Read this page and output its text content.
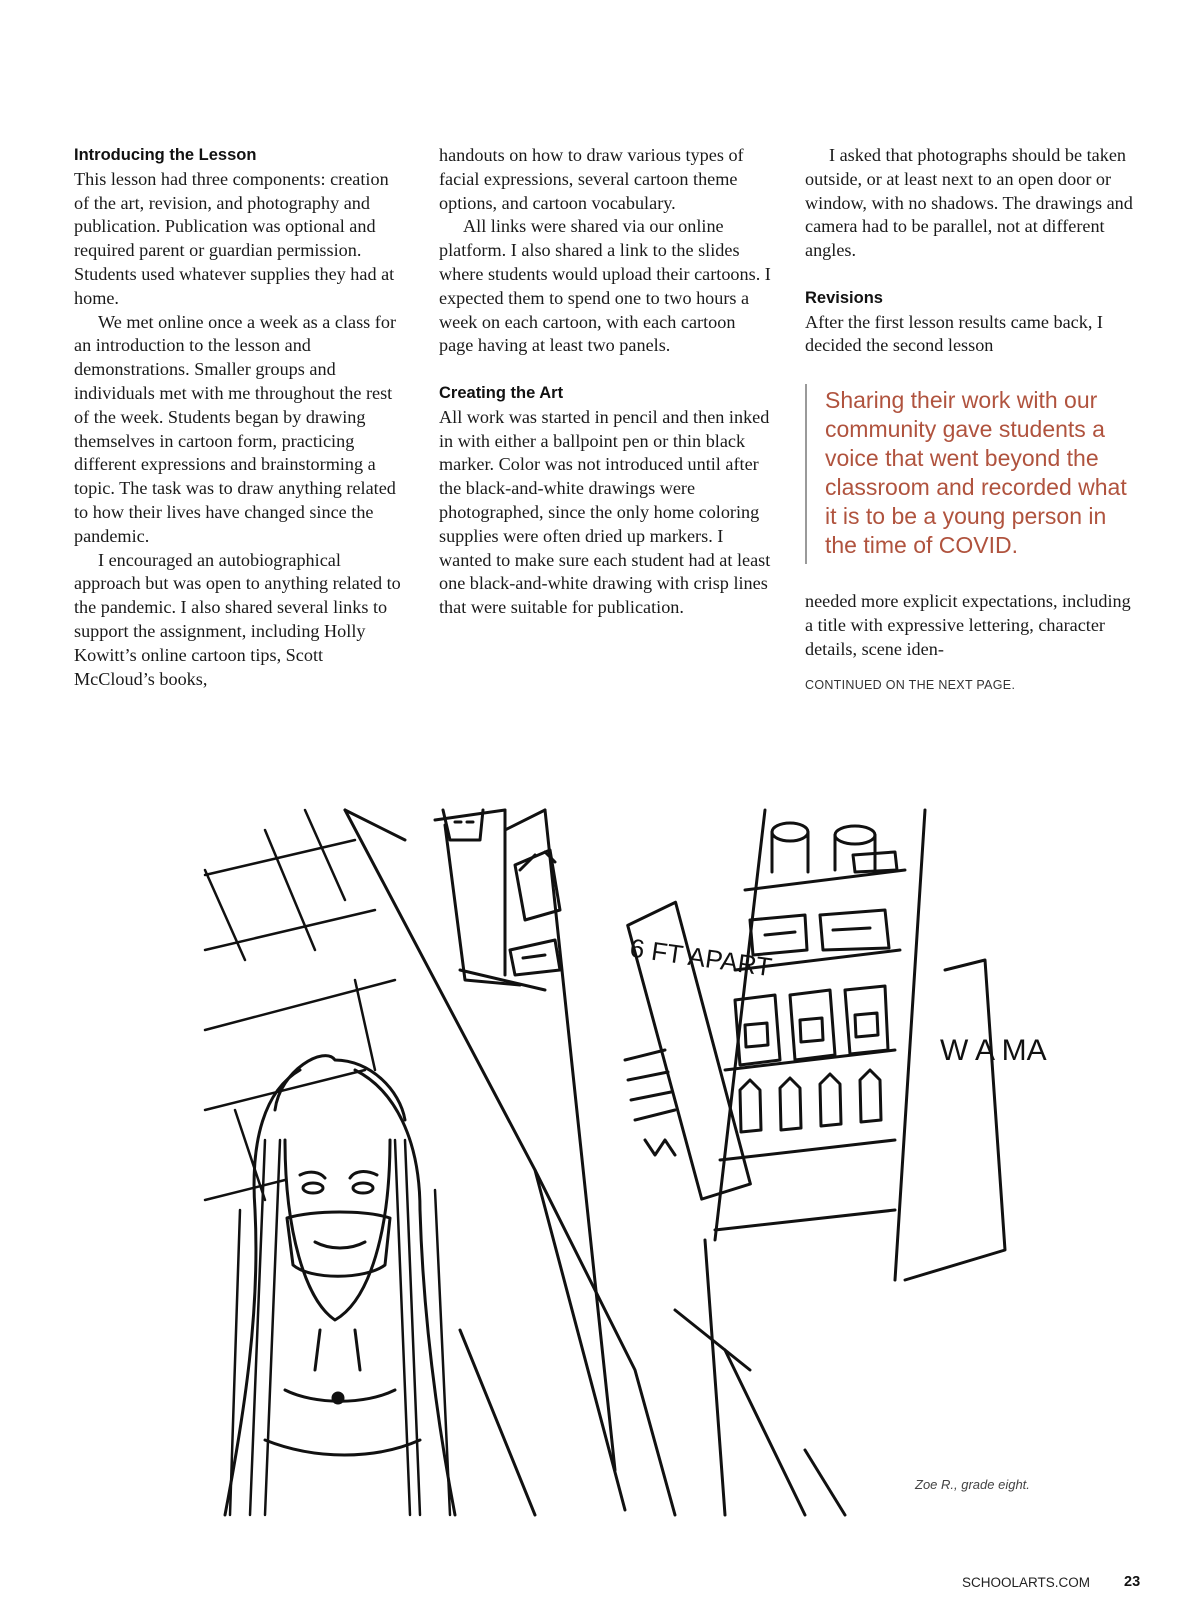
Introducing the Lesson

This lesson had three components: creation of the art, revision, and photography and publication. Publication was optional and required parent or guardian permission. Students used whatever supplies they had at home.

We met online once a week as a class for an introduction to the lesson and demonstrations. Smaller groups and individuals met with me throughout the rest of the week. Students began by drawing themselves in cartoon form, practicing different expressions and brainstorming a topic. The task was to draw anything related to how their lives have changed since the pandemic.

I encouraged an autobiographical approach but was open to anything related to the pandemic. I also shared several links to support the assignment, including Holly Kowitt’s online cartoon tips, Scott McCloud’s books,

handouts on how to draw various types of facial expressions, several cartoon theme options, and cartoon vocabulary.

All links were shared via our online platform. I also shared a link to the slides where students would upload their cartoons. I expected them to spend one to two hours a week on each cartoon, with each cartoon page having at least two panels.

Creating the Art

All work was started in pencil and then inked in with either a ballpoint pen or thin black marker. Color was not introduced until after the black-and-white drawings were photographed, since the only home coloring supplies were often dried up markers. I wanted to make sure each student had at least one black-and-white drawing with crisp lines that were suitable for publication.

I asked that photographs should be taken outside, or at least next to an open door or window, with no shadows. The drawings and camera had to be parallel, not at different angles.

Revisions

After the first lesson results came back, I decided the second lesson

Sharing their work with our community gave students a voice that went beyond the classroom and recorded what it is to be a young person in the time of COVID.

needed more explicit expectations, including a title with expressive lettering, character details, scene iden-

CONTINUED ON THE NEXT PAGE.
6 FT APART
W A MA
Zoe R., grade eight.
SCHOOLARTS.COM 23
